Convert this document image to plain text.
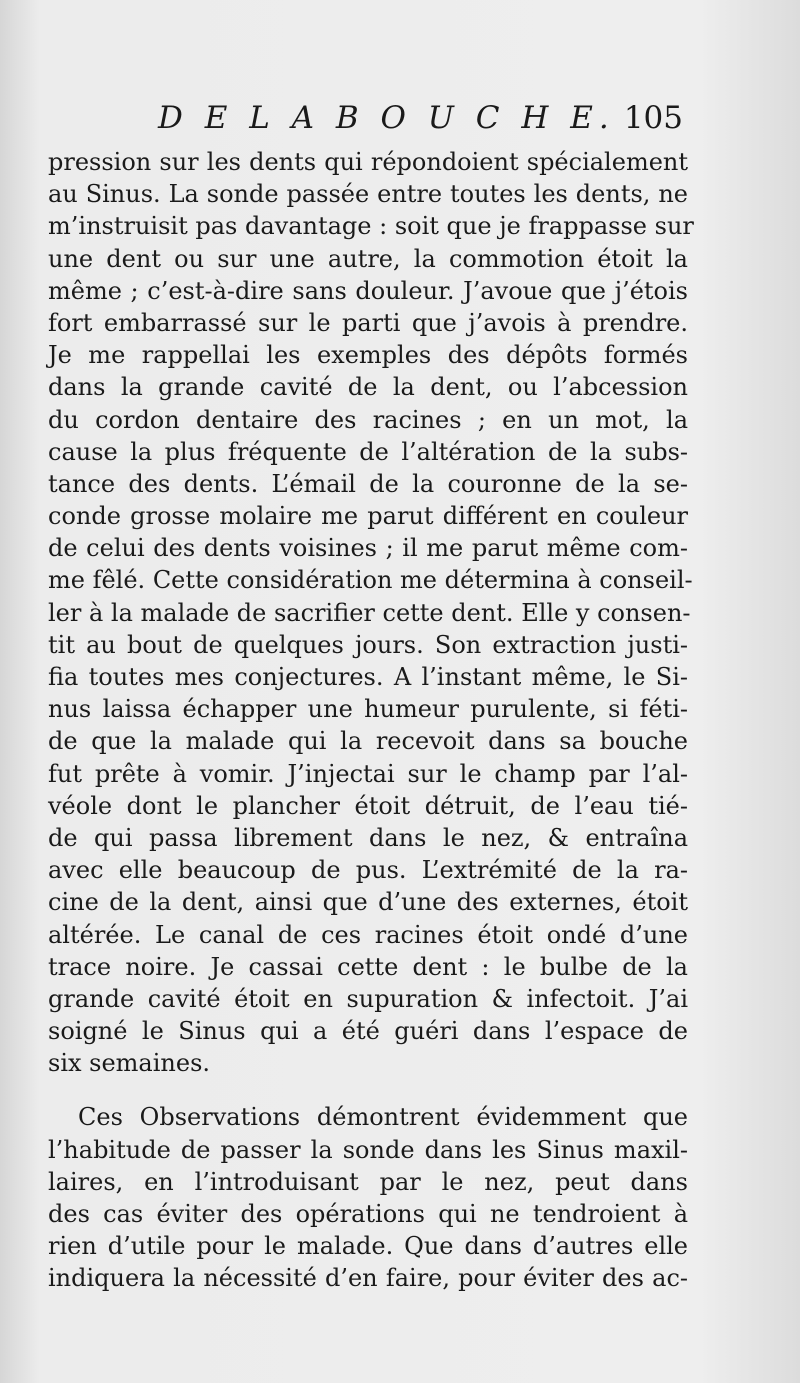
D E L A B O U C H E. 105
pression sur les dents qui répondoient spécialement
au Sinus. La sonde passée entre toutes les dents, ne
m’instruisit pas davantage : soit que je frappasse sur
une dent ou sur une autre, la commotion étoit la
même ; c’est-à-dire sans douleur. J’avoue que j’étois
fort embarrassé sur le parti que j’avois à prendre.
Je me rappellai les exemples des dépôts formés
dans la grande cavité de la dent, ou l’abcession
du cordon dentaire des racines ; en un mot, la
cause la plus fréquente de l’altération de la subs-
tance des dents. L’émail de la couronne de la se-
conde grosse molaire me parut différent en couleur
de celui des dents voisines ; il me parut même com-
me fêlé. Cette considération me détermina à conseil-
ler à la malade de sacrifier cette dent. Elle y consen-
tit au bout de quelques jours. Son extraction justi-
fia toutes mes conjectures. A l’instant même, le Si-
nus laissa échapper une humeur purulente, si féti-
de que la malade qui la recevoit dans sa bouche
fut prête à vomir. J’injectai sur le champ par l’al-
véole dont le plancher étoit détruit, de l’eau tié-
de qui passa librement dans le nez, & entraîna
avec elle beaucoup de pus. L’extrémité de la ra-
cine de la dent, ainsi que d’une des externes, étoit
altérée. Le canal de ces racines étoit ondé d’une
trace noire. Je cassai cette dent : le bulbe de la
grande cavité étoit en supuration & infectoit. J’ai
soigné le Sinus qui a été guéri dans l’espace de
six semaines.
Ces Observations démontrent évidemment que
l’habitude de passer la sonde dans les Sinus maxil-
laires, en l’introduisant par le nez, peut dans
des cas éviter des opérations qui ne tendroient à
rien d’utile pour le malade. Que dans d’autres elle
indiquera la nécessité d’en faire, pour éviter des ac-
